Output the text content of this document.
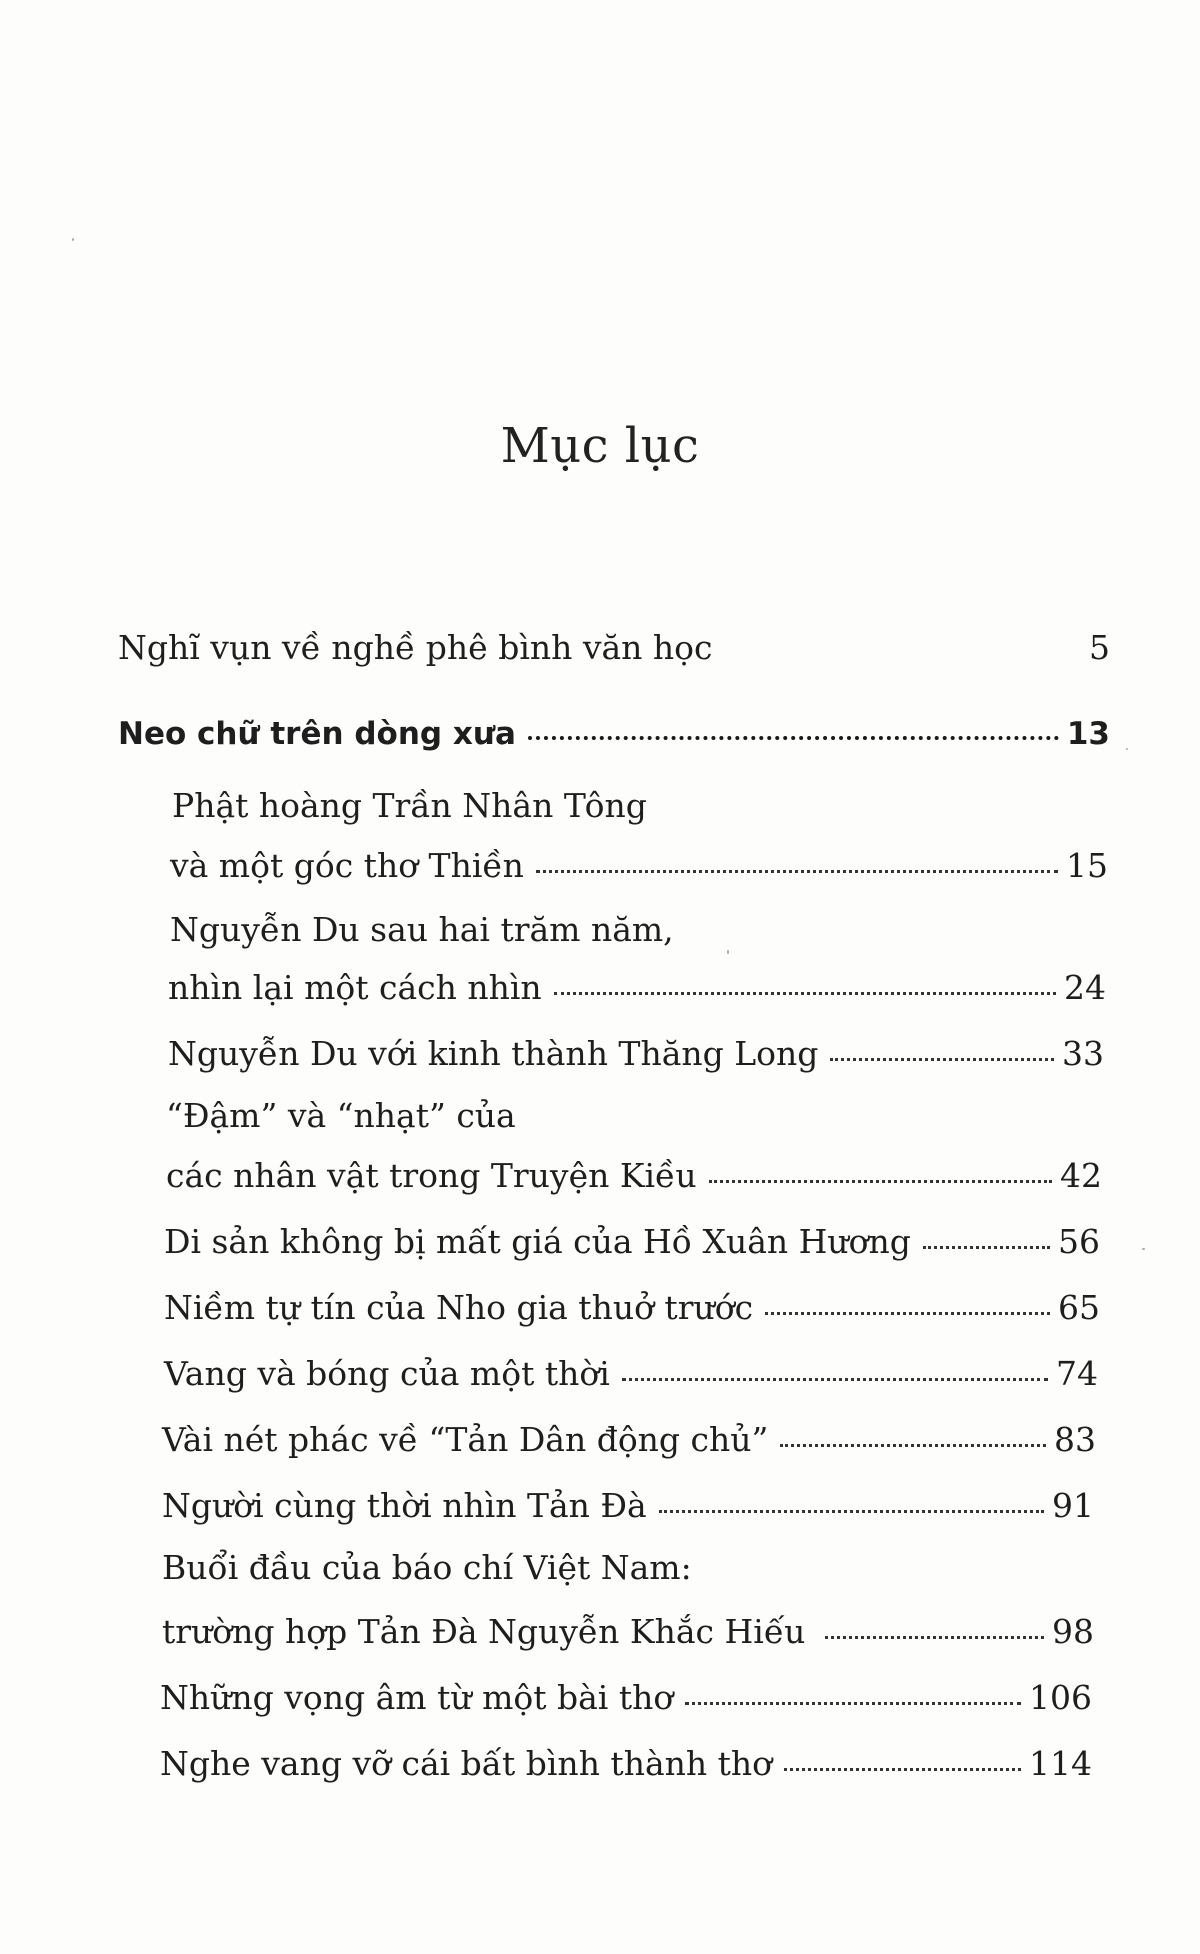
Mục lục
Nghĩ vụn về nghề phê bình văn học	5
Neo chữ trên dòng xưa	13
Phật hoàng Trần Nhân Tông
và một góc thơ Thiền	15
Nguyễn Du sau hai trăm năm,
nhìn lại một cách nhìn	24
Nguyễn Du với kinh thành Thăng Long	33
“Đậm” và “nhạt” của
các nhân vật trong Truyện Kiều	42
Di sản không bị mất giá của Hồ Xuân Hương	56
Niềm tự tín của Nho gia thuở trước	65
Vang và bóng của một thời	74
Vài nét phác về “Tản Dân động chủ”	83
Người cùng thời nhìn Tản Đà	91
Buổi đầu của báo chí Việt Nam:
trường hợp Tản Đà Nguyễn Khắc Hiếu	98
Những vọng âm từ một bài thơ	106
Nghe vang vỡ cái bất bình thành thơ	114
